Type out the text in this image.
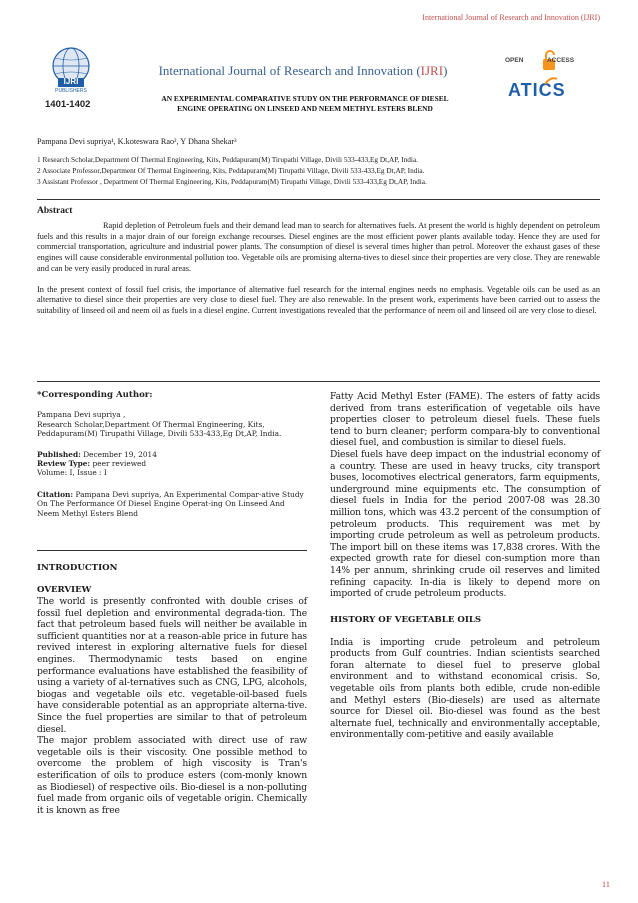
International Journal of Research and Innovation (IJRI)
IJRI
PUBLISHERS
1401-1402
International Journal of Research and Innovation (IJRI)
OPEN ACCESS
ATICS
AN EXPERIMENTAL COMPARATIVE STUDY ON THE PERFORMANCE OF DIESEL
ENGINE OPERATING ON LINSEED AND NEEM METHYL ESTERS BLEND
Pampana Devi supriya¹, K.koteswara Rao², Y Dhana Shekar³
1 Research Scholar,Department Of Thermal Engineering, Kits, Peddapuram(M) Tirupathi Village, Divili 533-433,Eg Dt,AP, India.
2 Associate Professor,Department Of Thermal Engineering, Kits, Peddapuram(M) Tirupathi Village, Divili 533-433,Eg Dt,AP, India.
3 Assistant Professor , Department Of Thermal Engineering, Kits, Peddapuram(M) Tirupathi Village, Divili 533-433,Eg Dt,AP, India.
Abstract

Rapid depletion of Petroleum fuels and their demand lead man to search for alternatives fuels. At present the world is highly dependent on petroleum fuels and this results in a major drain of our foreign exchange recourses. Diesel engines are the most efficient power plants available today. Hence they are used for commercial transportation, agriculture and industrial power plants. The consumption of diesel is several times higher than petrol. Moreover the exhaust gases of these engines will cause considerable environmental pollution too. Vegetable oils are promising alterna-tives to diesel since their properties are very close. They are renewable and can be very easily produced in rural areas.

In the present context of fossil fuel crisis, the importance of alternative fuel research for the internal engines needs no emphasis. Vegetable oils can be used as an alternative to diesel since their properties are very close to diesel fuel. They are also renewable. In the present work, experiments have been carried out to assess the suitability of linseed oil and neem oil as fuels in a diesel engine. Current investigations revealed that the performance of neem oil and linseed oil are very close to diesel.

*Corresponding Author:
Pampana Devi supriya ,
Research Scholar,Department Of Thermal Engineering, Kits, Peddapuram(M) Tirupathi Village, Divili 533-433,Eg Dt,AP, India.
Published: December 19, 2014
Review Type: peer reviewed
Volume: I, Issue : I
Citation: Pampana Devi supriya, An Experimental Compar-ative Study On The Performance Of Diesel Engine Operat-ing On Linseed And Neem Methyl Esters Blend
INTRODUCTION
OVERVIEW

The world is presently confronted with double crises of fossil fuel depletion and environmental degrada-tion. The fact that petroleum based fuels will neither be available in sufficient quantities nor at a reason-able price in future has revived interest in exploring alternative fuels for diesel engines. Thermodynamic tests based on engine performance evaluations have established the feasibility of using a variety of al-ternatives such as CNG, LPG, alcohols, biogas and vegetable oils etc. vegetable-oil-based fuels have considerable potential as an appropriate alterna-tive. Since the fuel properties are similar to that of petroleum diesel.

The major problem associated with direct use of raw vegetable oils is their viscosity. One possible method to overcome the problem of high viscosity is Tran's esterification of oils to produce esters (com-monly known as Biodiesel) of respective oils. Bio-diesel is a non-polluting fuel made from organic oils of vegetable origin. Chemically it is known as free

Fatty Acid Methyl Ester (FAME). The esters of fatty acids derived from trans esterification of vegetable oils have properties closer to petroleum diesel fuels. These fuels tend to burn cleaner; perform compara-bly to conventional diesel fuel, and combustion is similar to diesel fuels.

Diesel fuels have deep impact on the industrial economy of a country. These are used in heavy trucks, city transport buses, locomotives electrical generators, farm equipments, underground mine equipments etc. The consumption of diesel fuels in India for the period 2007-08 was 28.30 million tons, which was 43.2 percent of the consumption of petroleum products. This requirement was met by importing crude petroleum as well as petroleum products. The import bill on these items was 17,838 crores. With the expected growth rate for diesel con-sumption more than 14% per annum, shrinking crude oil reserves and limited refining capacity. In-dia is likely to depend more on imported of crude petroleum products.

HISTORY OF VEGETABLE OILS

India is importing crude petroleum and petroleum products from Gulf countries. Indian scientists searched foran alternate to diesel fuel to preserve global environment and to withstand economical crisis. So, vegetable oils from plants both edible, crude non-edible and Methyl esters (Bio-diesels) are used as alternate source for Diesel oil. Bio-diesel was found as the best alternate fuel, technically and environmentally acceptable, environmentally com-petitive and easily available

11
